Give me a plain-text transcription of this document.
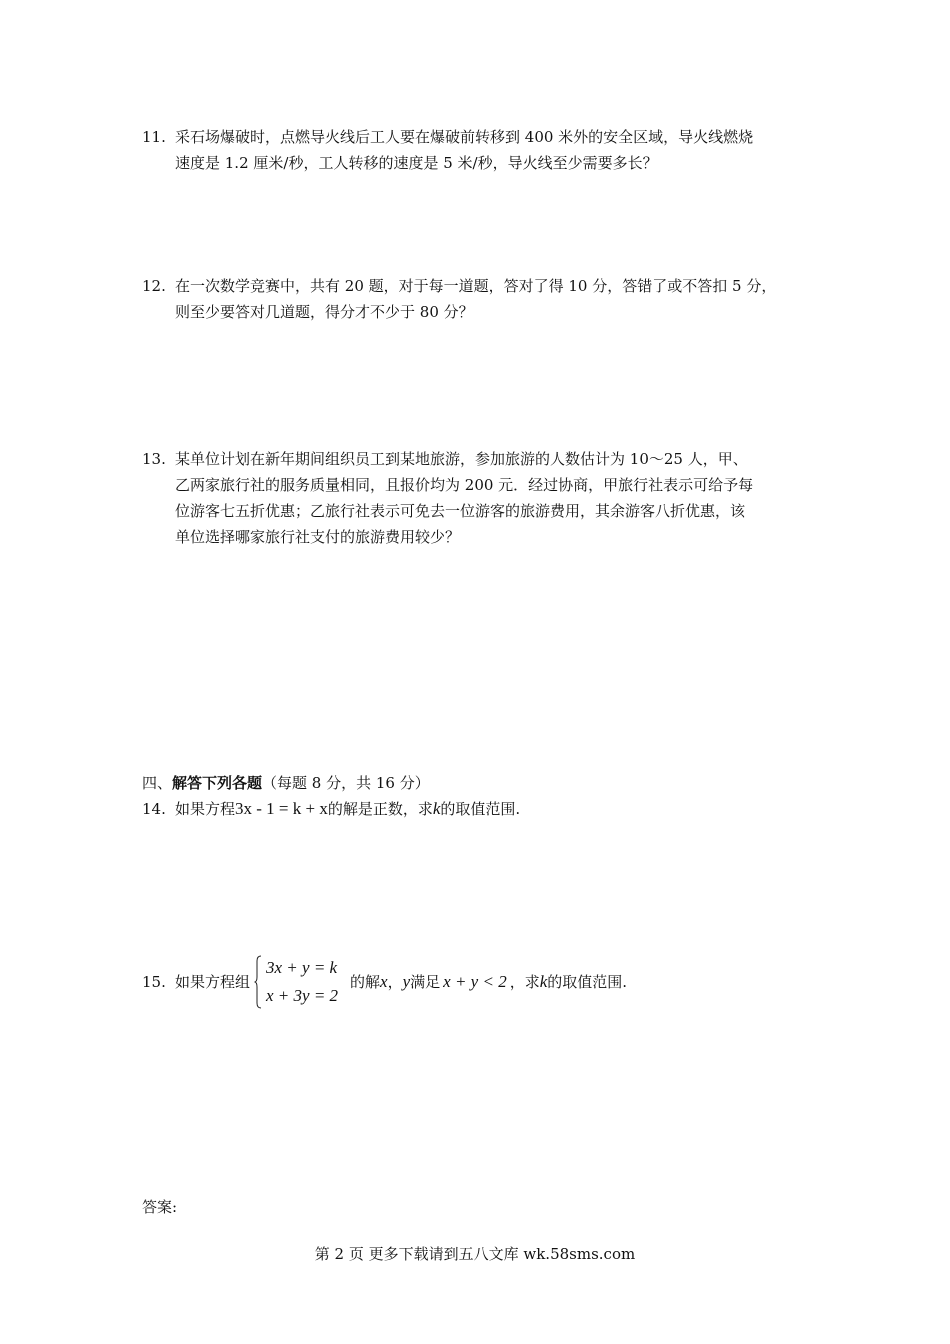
11. 采石场爆破时，点燃导火线后工人要在爆破前转移到 400 米外的安全区域，导火线燃烧
速度是 1.2 厘米/秒，工人转移的速度是 5 米/秒，导火线至少需要多长？
12. 在一次数学竞赛中，共有 20 题，对于每一道题，答对了得 10 分，答错了或不答扣 5 分，
则至少要答对几道题，得分才不少于 80 分？
13. 某单位计划在新年期间组织员工到某地旅游，参加旅游的人数估计为 10～25 人，甲、
乙两家旅行社的服务质量相同，且报价均为 200 元．经过协商，甲旅行社表示可给予每
位游客七五折优惠；乙旅行社表示可免去一位游客的旅游费用，其余游客八折优惠，该
单位选择哪家旅行社支付的旅游费用较少？
四、解答下列各题（每题 8 分，共 16 分）
14. 如果方程3x - 1 = k + x的解是正数，求k的取值范围.
15. 如果方程组
3x + y = k
x + 3y = 2
的解x，y满足 x + y < 2 ，求k的取值范围.
答案:
第 2 页 更多下载请到五八文库 wk.58sms.com
